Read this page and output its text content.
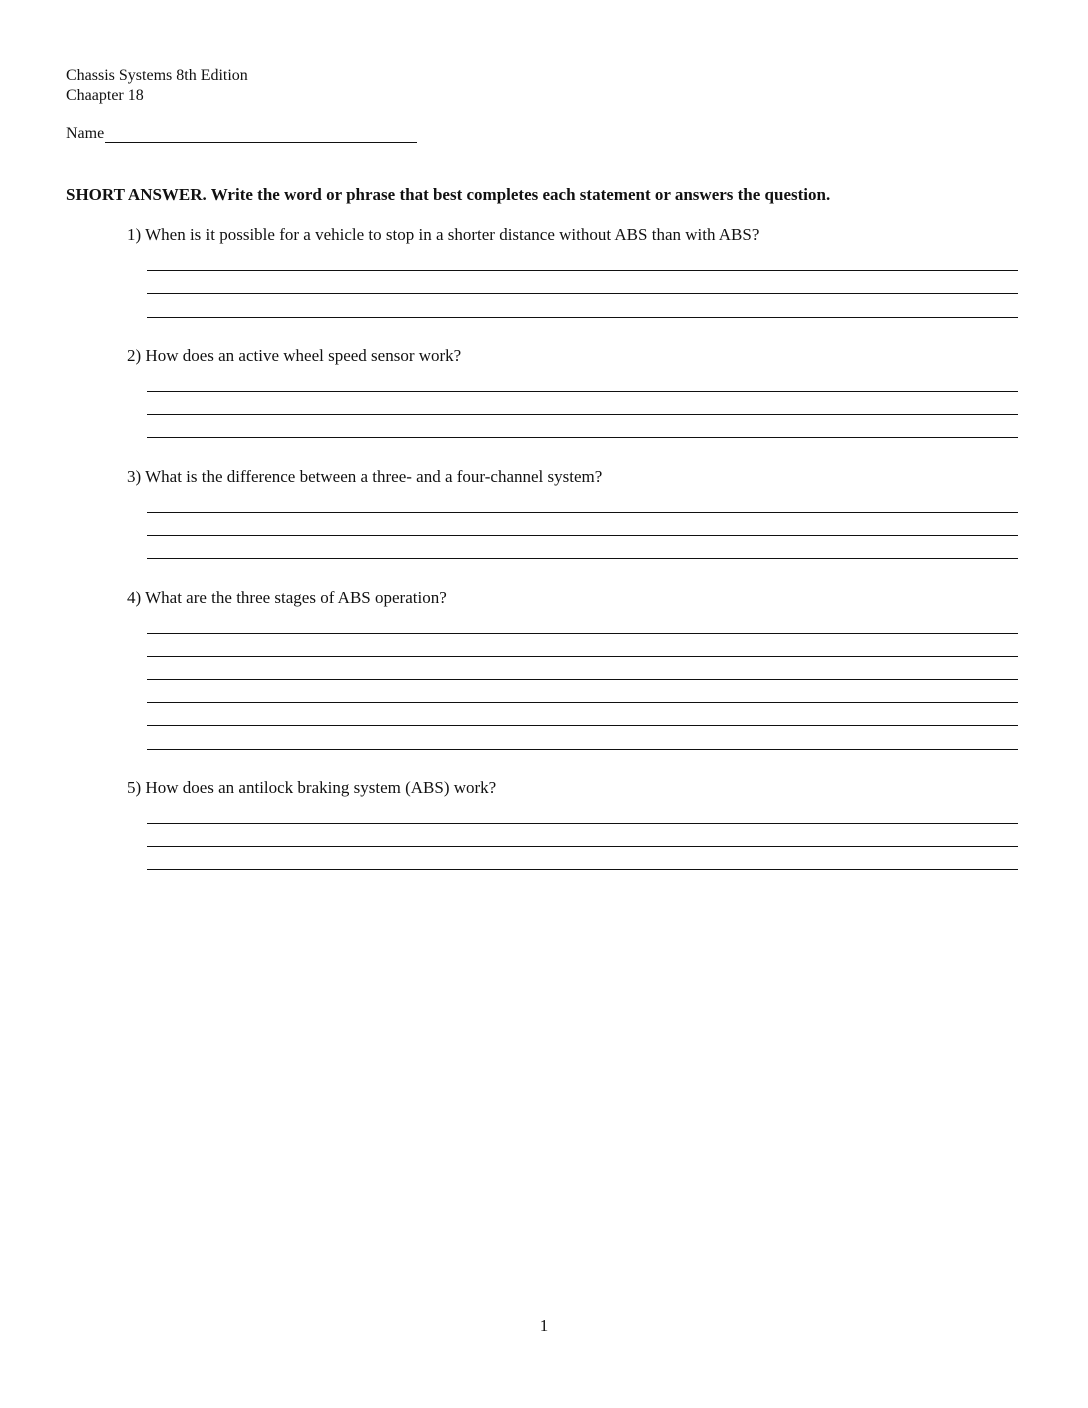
Chassis Systems 8th Edition
Chaapter 18
Name
SHORT ANSWER. Write the word or phrase that best completes each statement or answers the question.
1) When is it possible for a vehicle to stop in a shorter distance without ABS than with ABS?
2) How does an active wheel speed sensor work?
3) What is the difference between a three- and a four-channel system?
4) What are the three stages of ABS operation?
5) How does an antilock braking system (ABS) work?
1
